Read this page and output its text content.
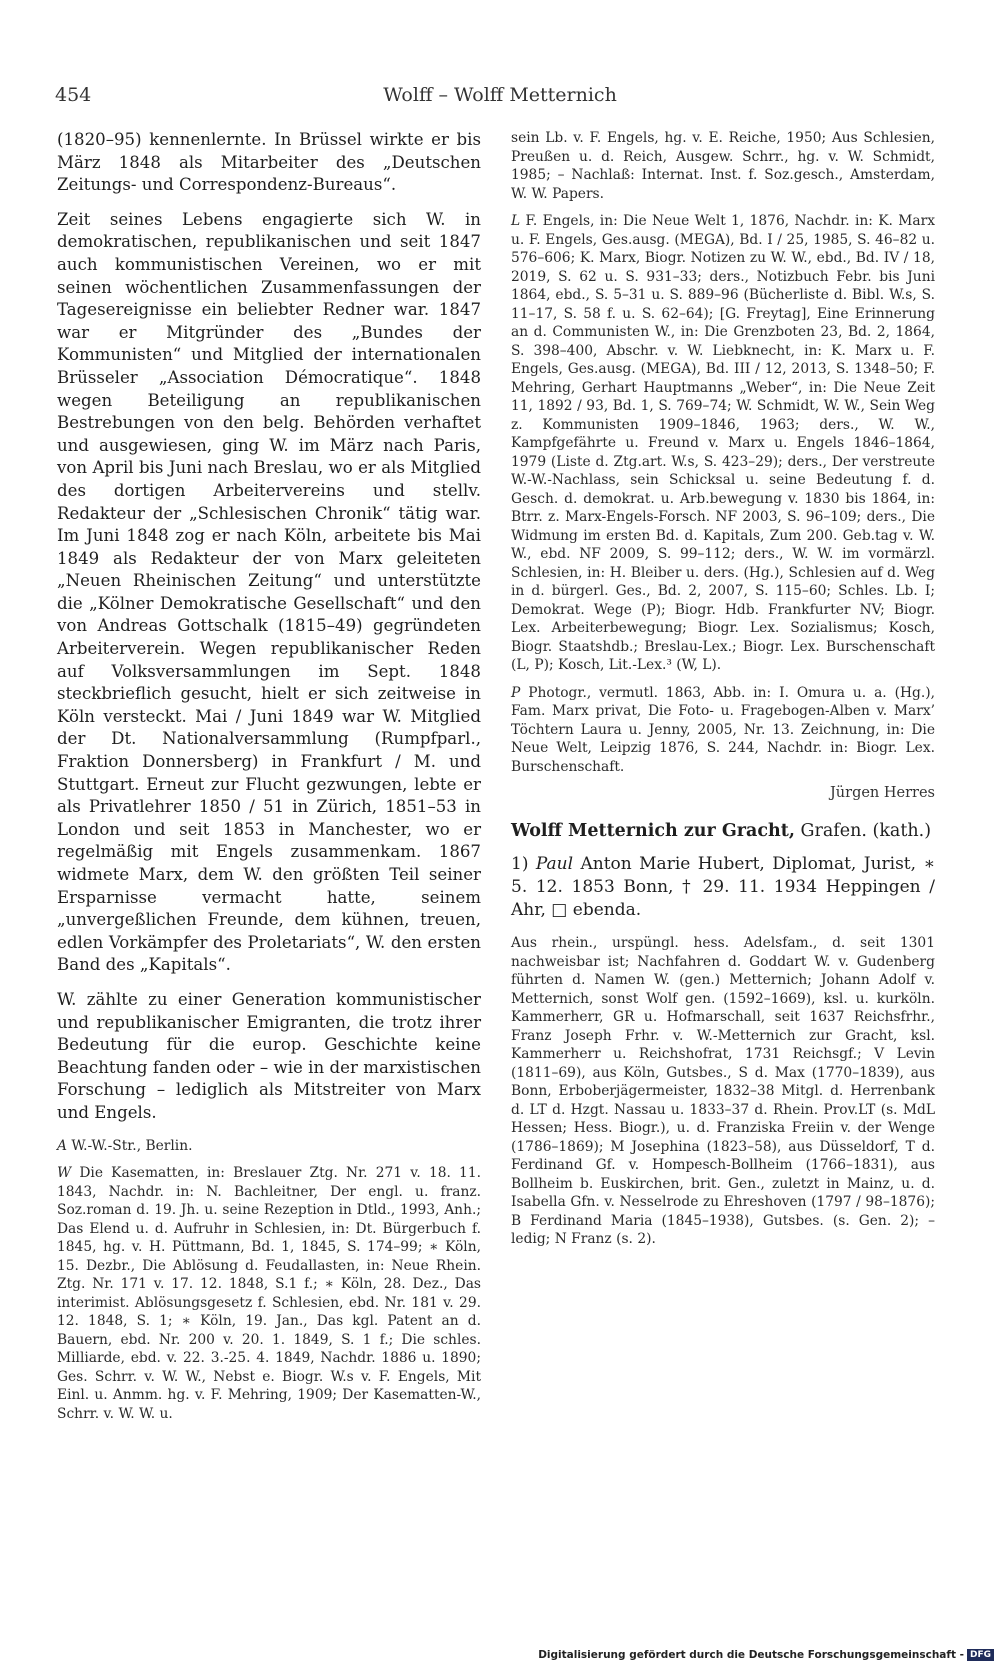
454	Wolff – Wolff Metternich

(1820–95) kennenlernte. In Brüssel wirkte er bis März 1848 als Mitarbeiter des „Deutschen Zeitungs- und Correspondenz-Bureaus“.

Zeit seines Lebens engagierte sich W. in demokratischen, republikanischen und seit 1847 auch kommunistischen Vereinen, wo er mit seinen wöchentlichen Zusammenfassungen der Tagesereignisse ein beliebter Redner war. 1847 war er Mitgründer des „Bundes der Kommunisten“ und Mitglied der internationalen Brüsseler „Association Démocratique“. 1848 wegen Beteiligung an republikanischen Bestrebungen von den belg. Behörden verhaftet und ausgewiesen, ging W. im März nach Paris, von April bis Juni nach Breslau, wo er als Mitglied des dortigen Arbeitervereins und stellv. Redakteur der „Schlesischen Chronik“ tätig war. Im Juni 1848 zog er nach Köln, arbeitete bis Mai 1849 als Redakteur der von Marx geleiteten „Neuen Rheinischen Zeitung“ und unterstützte die „Kölner Demokratische Gesellschaft“ und den von Andreas Gottschalk (1815–49) gegründeten Arbeiterverein. Wegen republikanischer Reden auf Volksversammlungen im Sept. 1848 steckbrieflich gesucht, hielt er sich zeitweise in Köln versteckt. Mai / Juni 1849 war W. Mitglied der Dt. Nationalversammlung (Rumpfparl., Fraktion Donnersberg) in Frankfurt / M. und Stuttgart. Erneut zur Flucht gezwungen, lebte er als Privatlehrer 1850 / 51 in Zürich, 1851–53 in London und seit 1853 in Manchester, wo er regelmäßig mit Engels zusammenkam. 1867 widmete Marx, dem W. den größten Teil seiner Ersparnisse vermacht hatte, seinem „unvergeßlichen Freunde, dem kühnen, treuen, edlen Vorkämpfer des Proletariats“, W. den ersten Band des „Kapitals“.

W. zählte zu einer Generation kommunistischer und republikanischer Emigranten, die trotz ihrer Bedeutung für die europ. Geschichte keine Beachtung fanden oder – wie in der marxistischen Forschung – lediglich als Mitstreiter von Marx und Engels.

A W.-W.-Str., Berlin.

W Die Kasematten, in: Breslauer Ztg. Nr. 271 v. 18. 11. 1843, Nachdr. in: N. Bachleitner, Der engl. u. franz. Soz.roman d. 19. Jh. u. seine Rezeption in Dtld., 1993, Anh.; Das Elend u. d. Aufruhr in Schlesien, in: Dt. Bürgerbuch f. 1845, hg. v. H. Püttmann, Bd. 1, 1845, S. 174–99; ∗ Köln, 15. Dezbr., Die Ablösung d. Feudallasten, in: Neue Rhein. Ztg. Nr. 171 v. 17. 12. 1848, S.1 f.; ∗ Köln, 28. Dez., Das interimist. Ablösungsgesetz f. Schlesien, ebd. Nr. 181 v. 29. 12. 1848, S. 1; ∗ Köln, 19. Jan., Das kgl. Patent an d. Bauern, ebd. Nr. 200 v. 20. 1. 1849, S. 1 f.; Die schles. Milliarde, ebd. v. 22. 3.-25. 4. 1849, Nachdr. 1886 u. 1890; Ges. Schrr. v. W. W., Nebst e. Biogr. W.s v. F. Engels, Mit Einl. u. Anmm. hg. v. F. Mehring, 1909; Der Kasematten-W., Schrr. v. W. W. u.

sein Lb. v. F. Engels, hg. v. E. Reiche, 1950; Aus Schlesien, Preußen u. d. Reich, Ausgew. Schrr., hg. v. W. Schmidt, 1985; – Nachlaß: Internat. Inst. f. Soz.gesch., Amsterdam, W. W. Papers.

L F. Engels, in: Die Neue Welt 1, 1876, Nachdr. in: K. Marx u. F. Engels, Ges.ausg. (MEGA), Bd. I / 25, 1985, S. 46–82 u. 576–606; K. Marx, Biogr. Notizen zu W. W., ebd., Bd. IV / 18, 2019, S. 62 u. S. 931–33; ders., Notizbuch Febr. bis Juni 1864, ebd., S. 5–31 u. S. 889–96 (Bücherliste d. Bibl. W.s, S. 11–17, S. 58 f. u. S. 62–64); [G. Freytag], Eine Erinnerung an d. Communisten W., in: Die Grenzboten 23, Bd. 2, 1864, S. 398–400, Abschr. v. W. Liebknecht, in: K. Marx u. F. Engels, Ges.ausg. (MEGA), Bd. III / 12, 2013, S. 1348–50; F. Mehring, Gerhart Hauptmanns „Weber“, in: Die Neue Zeit 11, 1892 / 93, Bd. 1, S. 769–74; W. Schmidt, W. W., Sein Weg z. Kommunisten 1909–1846, 1963; ders., W. W., Kampfgefährte u. Freund v. Marx u. Engels 1846–1864, 1979 (Liste d. Ztg.art. W.s, S. 423–29); ders., Der verstreute W.-W.-Nachlass, sein Schicksal u. seine Bedeutung f. d. Gesch. d. demokrat. u. Arb.bewegung v. 1830 bis 1864, in: Btrr. z. Marx-Engels-Forsch. NF 2003, S. 96–109; ders., Die Widmung im ersten Bd. d. Kapitals, Zum 200. Geb.tag v. W. W., ebd. NF 2009, S. 99–112; ders., W. W. im vormärzl. Schlesien, in: H. Bleiber u. ders. (Hg.), Schlesien auf d. Weg in d. bürgerl. Ges., Bd. 2, 2007, S. 115–60; Schles. Lb. I; Demokrat. Wege (P); Biogr. Hdb. Frankfurter NV; Biogr. Lex. Arbeiterbewegung; Biogr. Lex. Sozialismus; Kosch, Biogr. Staatshdb.; Breslau-Lex.; Biogr. Lex. Burschenschaft (L, P); Kosch, Lit.-Lex.³ (W, L).

P Photogr., vermutl. 1863, Abb. in: I. Omura u. a. (Hg.), Fam. Marx privat, Die Foto- u. Fragebogen-Alben v. Marx’ Töchtern Laura u. Jenny, 2005, Nr. 13. Zeichnung, in: Die Neue Welt, Leipzig 1876, S. 244, Nachdr. in: Biogr. Lex. Burschenschaft.

Jürgen Herres
Wolff Metternich zur Gracht, Grafen. (kath.)

1) Paul Anton Marie Hubert, Diplomat, Jurist, ∗ 5. 12. 1853 Bonn, † 29. 11. 1934 Heppingen / Ahr, □ ebenda.

Aus rhein., urspüngl. hess. Adelsfam., d. seit 1301 nachweisbar ist; Nachfahren d. Goddart W. v. Gudenberg führten d. Namen W. (gen.) Metternich; Johann Adolf v. Metternich, sonst Wolf gen. (1592–1669), ksl. u. kurköln. Kammerherr, GR u. Hofmarschall, seit 1637 Reichsfrhr., Franz Joseph Frhr. v. W.-Metternich zur Gracht, ksl. Kammerherr u. Reichshofrat, 1731 Reichsgf.; V Levin (1811–69), aus Köln, Gutsbes., S d. Max (1770–1839), aus Bonn, Erboberjägermeister, 1832–38 Mitgl. d. Herrenbank d. LT d. Hzgt. Nassau u. 1833–37 d. Rhein. Prov.LT (s. MdL Hessen; Hess. Biogr.), u. d. Franziska Freiin v. der Wenge (1786–1869); M Josephina (1823–58), aus Düsseldorf, T d. Ferdinand Gf. v. Hompesch-Bollheim (1766–1831), aus Bollheim b. Euskirchen, brit. Gen., zuletzt in Mainz, u. d. Isabella Gfn. v. Nesselrode zu Ehreshoven (1797 / 98–1876); B Ferdinand Maria (1845–1938), Gutsbes. (s. Gen. 2); – ledig; N Franz (s. 2).

Digitalisierung gefördert durch die Deutsche Forschungsgemeinschaft - DFG
